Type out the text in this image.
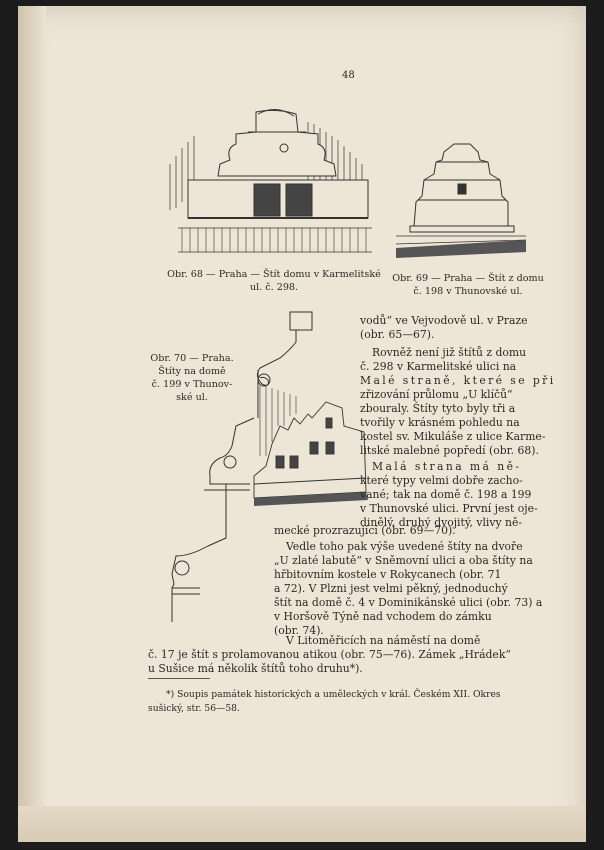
48
Obr. 68 — Praha — Štít domu v Karmelitské
ul. č. 298.
Obr. 69 — Praha — Štít z domu
č. 198 v Thunovské ul.
Obr. 70 — Praha.
Štíty na domě
č. 199 v Thunov-
ské ul.
vodů“ ve Vejvodově ul. v Praze
(obr. 65—67).
Rovněž není již štítů z domu
č. 298 v Karmelitské ulici na
Malé straně, které se při
zřizování průlomu „U klíčů“
zbouraly. Štíty tyto byly tři a
tvořily v krásném pohledu na
kostel sv. Mikuláše z ulice Karme-
litské malebné popředí (obr. 68).
Malá strana má ně-
které typy velmi dobře zacho-
vané; tak na domě č. 198 a 199
v Thunovské ulici. První jest oje-
dinělý, druhý dvojitý, vlivy ně-
mecké prozrazující (obr. 69—70).
Vedle toho pak výše uvedené štíty na dvoře
„U zlaté labutě“ v Sněmovní ulici a oba štíty na
hřbitovním kostele v Rokycanech (obr. 71
a 72). V Plzni jest velmi pěkný, jednoduchý
štít na domě č. 4 v Dominikánské ulici (obr. 73) a
v Horšově Týně nad vchodem do zámku
(obr. 74).
V Litoměřicích na náměstí na domě
č. 17 je štít s prolamovanou atikou (obr. 75—76). Zámek „Hrádek“
u Sušice má několik štítů toho druhu*).
*) Soupis památek historických a uměleckých v král. Českém XII. Okres
sušický, str. 56—58.
